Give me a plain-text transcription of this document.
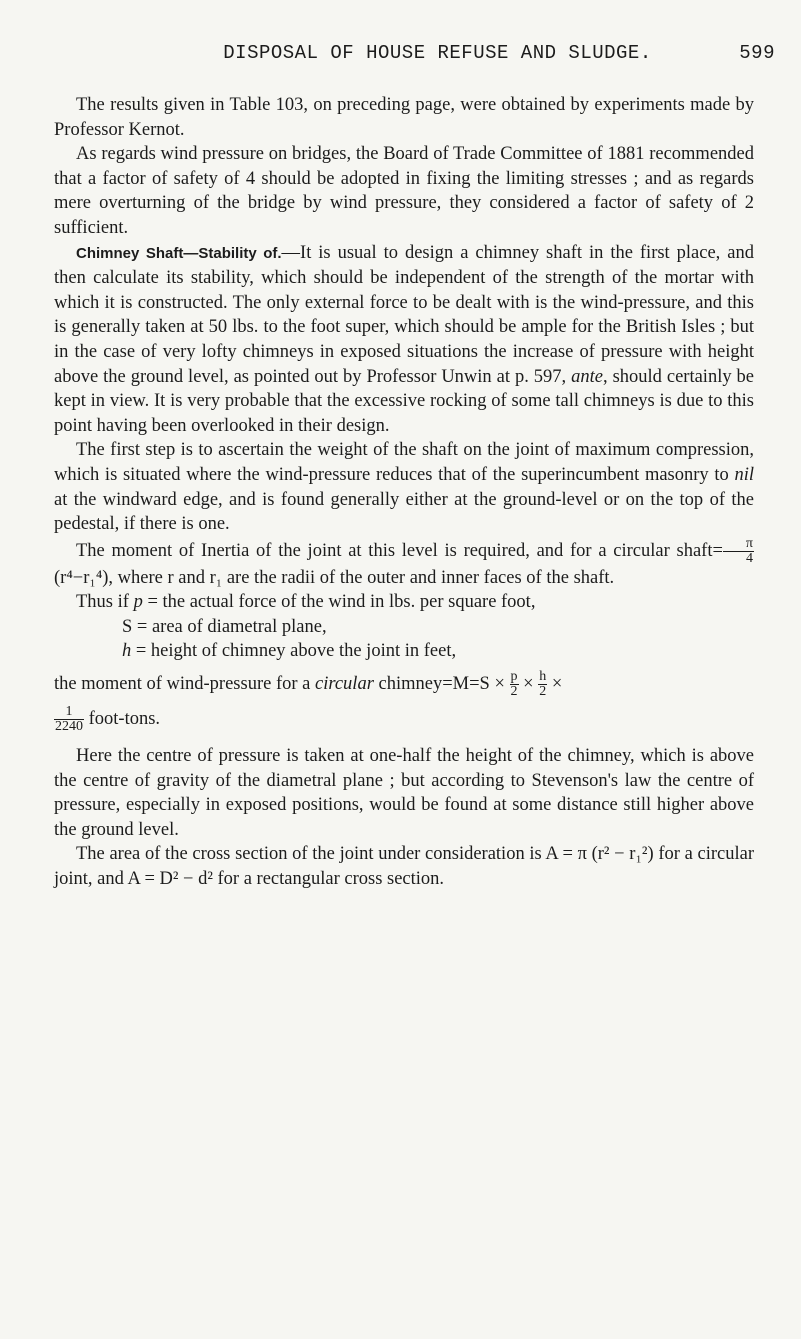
DISPOSAL OF HOUSE REFUSE AND SLUDGE.	599

The results given in Table 103, on preceding page, were obtained by experiments made by Professor Kernot.

As regards wind pressure on bridges, the Board of Trade Committee of 1881 recommended that a factor of safety of 4 should be adopted in fixing the limiting stresses ; and as regards mere overturning of the bridge by wind pressure, they considered a factor of safety of 2 sufficient.

Chimney Shaft—Stability of.—It is usual to design a chimney shaft in the first place, and then calculate its stability, which should be independent of the strength of the mortar with which it is constructed. The only external force to be dealt with is the wind-pressure, and this is generally taken at 50 lbs. to the foot super, which should be ample for the British Isles ; but in the case of very lofty chimneys in exposed situations the increase of pressure with height above the ground level, as pointed out by Professor Unwin at p. 597, ante, should certainly be kept in view. It is very probable that the excessive rocking of some tall chimneys is due to this point having been overlooked in their design.

The first step is to ascertain the weight of the shaft on the joint of maximum compression, which is situated where the wind-pressure reduces that of the superincumbent masonry to nil at the windward edge, and is found generally either at the ground-level or on the top of the pedestal, if there is one.

The moment of Inertia of the joint at this level is required, and for a circular shaft= $\frac{\pi}{4}$
(r⁴−r₁⁴), where r and r₁ are the radii of the outer and inner faces of the shaft.

Thus if p = the actual force of the wind in lbs. per square foot,

S = area of diametral plane,

h = height of chimney above the joint in feet,

the moment of wind-pressure for a circular chimney=M=S × $\frac{p}{2} \times \frac{h}{2}$ ×

$\frac{1}{2240}$ foot-tons.

Here the centre of pressure is taken at one-half the height of the chimney, which is above the centre of gravity of the diametral plane ; but according to Stevenson's law the centre of pressure, especially in exposed positions, would be found at some distance still higher above the ground level.

The area of the cross section of the joint under consideration is A = π (r² − r₁²) for a circular joint, and A = D² − d² for a rectangular cross section.
